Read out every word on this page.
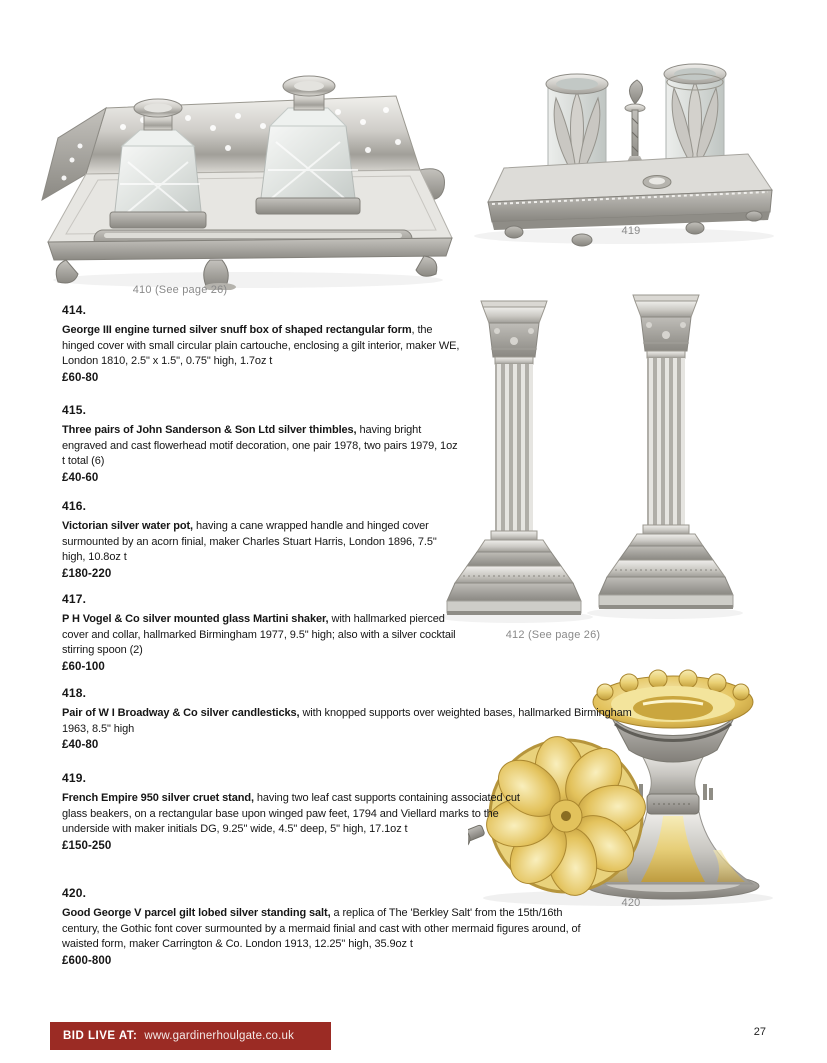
410 (See page 26)
419
412 (See page 26)
420

414.

George III engine turned silver snuff box of shaped rectangular form, the hinged cover with small circular plain cartouche, enclosing a gilt interior, maker WE, London 1810, 2.5" x 1.5", 0.75" high, 1.7oz t

£60-80

415.

Three pairs of John Sanderson & Son Ltd silver thimbles, having bright engraved and cast flowerhead motif decoration, one pair 1978, two pairs 1979, 1oz t total (6)

£40-60

416.

Victorian silver water pot, having a cane wrapped handle and hinged cover surmounted by an acorn finial, maker Charles Stuart Harris, London 1896, 7.5" high, 10.8oz t

£180-220

417.

P H Vogel & Co silver mounted glass Martini shaker, with hallmarked pierced cover and collar, hallmarked Birmingham 1977, 9.5" high; also with a silver cocktail stirring spoon (2)

£60-100

418.

Pair of W I Broadway & Co silver candlesticks, with knopped supports over weighted bases, hallmarked Birmingham 1963, 8.5" high

£40-80

419.

French Empire 950 silver cruet stand, having two leaf cast supports containing associated cut glass beakers, on a rectangular base upon winged paw feet, 1794 and Viellard marks to the underside with maker initials DG, 9.25" wide, 4.5" deep, 5" high, 17.1oz t

£150-250

420.

Good George V parcel gilt lobed silver standing salt, a replica of The 'Berkley Salt' from the 15th/16th century, the Gothic font cover surmounted by a mermaid finial and cast with other mermaid figures around, of waisted form, maker Carrington & Co. London 1913, 12.25" high, 35.9oz t

£600-800

BID LIVE AT: www.gardinerhoulgate.co.uk	27
